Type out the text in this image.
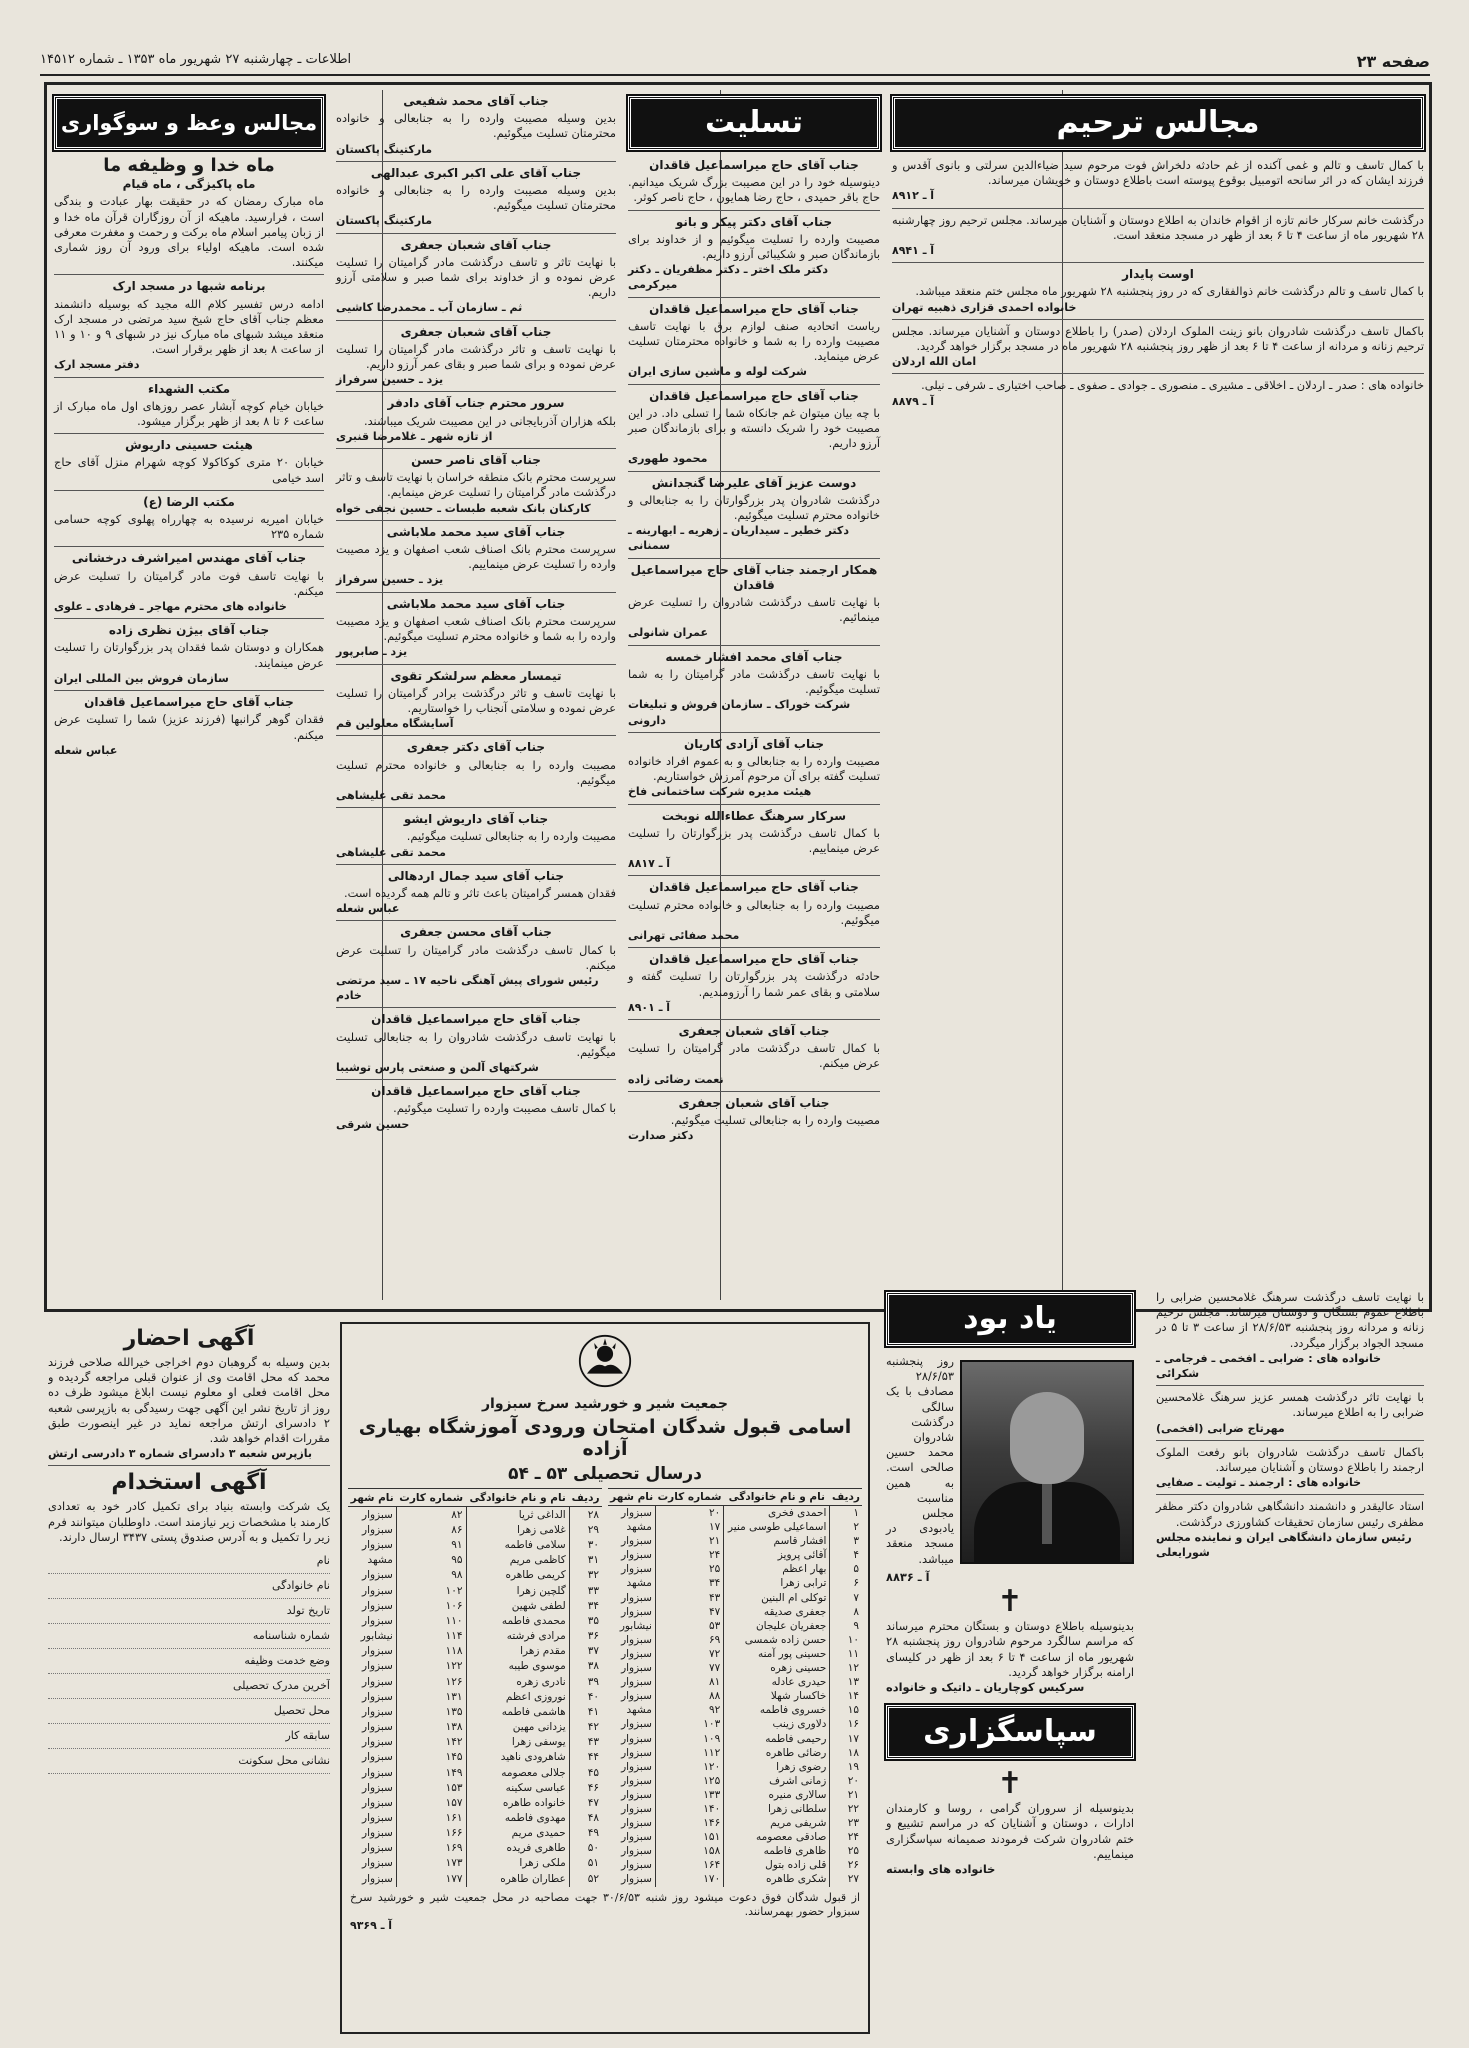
صفحه ۲۳
اطلاعات ـ چهارشنبه ۲۷ شهریور ماه ۱۳۵۳ ـ شماره ۱۴۵۱۲
مجالس ترحیم
با کمال تاسف و تالم و غمی آکنده از غم حادثه دلخراش فوت مرحوم سید ضیاءالدین سرلتی و بانوی آقدس و فرزند ایشان که در اثر سانحه اتومبیل بوقوع پیوسته است باطلاع دوستان و خویشان میرساند.
آ ـ ۸۹۱۲
درگذشت خانم سرکار خانم تازه از اقوام خاندان به اطلاع دوستان و آشنایان میرساند. مجلس ترحیم روز چهارشنبه ۲۸ شهریور ماه از ساعت ۴ تا ۶ بعد از ظهر در مسجد منعقد است.
آ ـ ۸۹۴۱
اوست پایدار
با کمال تاسف و تالم درگذشت خانم ذوالفقاری که در روز پنجشنبه ۲۸ شهریور ماه مجلس ختم منعقد میباشد.
خانواده احمدی قزاری ذهبیه تهران
باکمال تاسف درگذشت شادروان بانو زینت الملوک اردلان (صدر) را باطلاع دوستان و آشنایان میرساند. مجلس ترحیم زنانه و مردانه از ساعت ۴ تا ۶ بعد از ظهر روز پنجشنبه ۲۸ شهریور ماه در مسجد برگزار خواهد گردید.
امان الله اردلان
خانواده های : صدر ـ اردلان ـ اخلاقی ـ مشیری ـ منصوری ـ جوادی ـ صفوی ـ صاحب اختیاری ـ شرفی ـ نیلی.
آ ـ ۸۸۷۹
تسلیت
جناب آقای حاج میراسماعیل قاقدان
دینوسیله خود را در این مصیبت بزرگ شریک میدانیم. حاج باقر حمیدی ، حاج رضا همایون ، حاج ناصر کوثر.
جناب آقای دکتر پیکر و بانو
مصیبت وارده را تسلیت میگوئیم و از خداوند برای بازماندگان صبر و شکیبائی آرزو داریم.
دکتر ملک اختر ـ دکتر مظفریان ـ دکتر میرکرمی
جناب آقای حاج میراسماعیل قاقدان
ریاست اتحادیه صنف لوازم برق با نهایت تاسف مصیبت وارده را به شما و خانواده محترمتان تسلیت عرض مینماید.
شرکت لوله و ماشین سازی ایران
جناب آقای حاج میراسماعیل قاقدان
با چه بیان میتوان غم جانکاه شما را تسلی داد. در این مصیبت خود را شریک دانسته و برای بازماندگان صبر آرزو داریم.
محمود طهوری
دوست عزیز آقای علیرضا گنجدانش
درگذشت شادروان پدر بزرگوارتان را به جنابعالی و خانواده محترم تسلیت میگوئیم.
دکتر خطیر ـ سیداریان ـ زهریه ـ ابهارینه ـ سمنانی
همکار ارجمند جناب آقای حاج میراسماعیل قاقدان
با نهایت تاسف درگذشت شادروان را تسلیت عرض مینمائیم.
عمران شانولی
جناب آقای محمد افشار خمسه
با نهایت تاسف درگذشت مادر گرامیتان را به شما تسلیت میگوئیم.
شرکت خوراک ـ سازمان فروش و تبلیغات دارونی
جناب آقای آزادی کاریان
مصیبت وارده را به جنابعالی و به عموم افراد خانواده تسلیت گفته برای آن مرحوم آمرزش خواستاریم.
هیئت مدیره شرکت ساختمانی فاخ
سرکار سرهنگ عطاءالله نوبخت
با کمال تاسف درگذشت پدر بزرگوارتان را تسلیت عرض مینماییم.
آ ـ ۸۸۱۷
جناب آقای حاج میراسماعیل قاقدان
مصیبت وارده را به جنابعالی و خانواده محترم تسلیت میگوئیم.
محمد صفائی تهرانی
جناب آقای حاج میراسماعیل قاقدان
حادثه درگذشت پدر بزرگوارتان را تسلیت گفته و سلامتی و بقای عمر شما را آرزومندیم.
آ ـ ۸۹۰۱
جناب آقای شعبان جعفری
با کمال تاسف درگذشت مادر گرامیتان را تسلیت عرض میکنم.
نعمت رضائی زاده
جناب آقای شعبان جعفری
مصیبت وارده را به جنابعالی تسلیت میگوئیم.
دکتر صدارت
جناب آقای محمد شفیعی
بدین وسیله مصیبت وارده را به جنابعالی و خانواده محترمتان تسلیت میگوئیم.
مارکتینگ پاکستان
جناب آقای علی اکبر اکبری عبدالهی
بدین وسیله مصیبت وارده را به جنابعالی و خانواده محترمتان تسلیت میگوئیم.
مارکتینگ پاکستان
جناب آقای شعبان جعفری
با نهایت تاثر و تاسف درگذشت مادر گرامیتان را تسلیت عرض نموده و از خداوند برای شما صبر و سلامتی آرزو داریم.
ثم ـ سازمان آب ـ محمدرضا کاشیی
جناب آقای شعبان جعفری
با نهایت تاسف و تاثر درگذشت مادر گرامیتان را تسلیت عرض نموده و برای شما صبر و بقای عمر آرزو داریم.
یزد ـ حسین سرفراز
سرور محترم جناب آقای دادفر
بلکه هزاران آذربایجانی در این مصیبت شریک میباشند.
از تازه شهر ـ غلامرضا قنبری
جناب آقای ناصر حسن
سرپرست محترم بانک منطقه خراسان با نهایت تاسف و تاثر درگذشت مادر گرامیتان را تسلیت عرض مینمایم.
کارکنان بانک شعبه طبسات ـ حسین نجفی خواه
جناب آقای سید محمد ملاباشی
سرپرست محترم بانک اصناف شعب اصفهان و یزد مصیبت وارده را تسلیت عرض مینماییم.
یزد ـ حسین سرفراز
جناب آقای سید محمد ملاباشی
سرپرست محترم بانک اصناف شعب اصفهان و یزد مصیبت وارده را به شما و خانواده محترم تسلیت میگوئیم.
یزد ـ صابرپور
تیمسار معظم سرلشکر تقوی
با نهایت تاسف و تاثر درگذشت برادر گرامیتان را تسلیت عرض نموده و سلامتی آنجناب را خواستاریم.
آسایشگاه معلولین قم
جناب آقای دکتر جعفری
مصیبت وارده را به جنابعالی و خانواده محترم تسلیت میگوئیم.
محمد تقی علیشاهی
جناب آقای داریوش ایشو
مصیبت وارده را به جنابعالی تسلیت میگوئیم.
محمد تقی علیشاهی
جناب آقای سید جمال اردهالی
فقدان همسر گرامیتان باعث تاثر و تالم همه گردیده است.
عباس شعله
جناب آقای محسن جعفری
با کمال تاسف درگذشت مادر گرامیتان را تسلیت عرض میکنم.
رئیس شورای پیش آهنگی ناحیه ۱۷ ـ سید مرتضی خادم
جناب آقای حاج میراسماعیل قاقدان
با نهایت تاسف درگذشت شادروان را به جنابعالی تسلیت میگوئیم.
شرکتهای آلمن و صنعتی پارس توشیبا
جناب آقای حاج میراسماعیل قاقدان
با کمال تاسف مصیبت وارده را تسلیت میگوئیم.
حسین شرقی
مجالس وعظ و سوگواری
ماه خدا و وظیفه ما
ماه پاکیزگی ، ماه قیام
ماه مبارک رمضان که در حقیقت بهار عبادت و بندگی است ، فرارسید. ماهیکه از آن روزگاران قرآن ماه خدا و از زبان پیامبر اسلام ماه برکت و رحمت و مغفرت معرفی شده است. ماهیکه اولیاء برای ورود آن روز شماری میکنند.
برنامه شبها در مسجد ارک
ادامه درس تفسیر کلام الله مجید که بوسیله دانشمند معظم جناب آقای حاج شیخ سید مرتضی در مسجد ارک منعقد میشد شبهای ماه مبارک نیز در شبهای ۹ و ۱۰ و ۱۱ از ساعت ۸ بعد از ظهر برقرار است.
دفتر مسجد ارک
مکتب الشهداء
خیابان خیام کوچه آبشار عصر روزهای اول ماه مبارک از ساعت ۶ تا ۸ بعد از ظهر برگزار میشود.
هیئت حسینی داریوش
خیابان ۲۰ متری کوکاکولا کوچه شهرام منزل آقای حاج اسد خیامی
مکتب الرضا (ع)
خیابان امیریه نرسیده به چهارراه پهلوی کوچه حسامی شماره ۲۳۵
جناب آقای مهندس امیراشرف درخشانی
با نهایت تاسف فوت مادر گرامیتان را تسلیت عرض میکنم.
خانواده های محترم مهاجر ـ فرهادی ـ علوی
جناب آقای بیژن نظری زاده
همکاران و دوستان شما فقدان پدر بزرگوارتان را تسلیت عرض مینمایند.
سازمان فروش بین المللی ایران
جناب آقای حاج میراسماعیل قاقدان
فقدان گوهر گرانبها (فرزند عزیز) شما را تسلیت عرض میکنم.
عباس شعله
آگهی احضار
بدین وسیله به گروهبان دوم اخراجی خیرالله صلاحی فرزند محمد که محل اقامت وی از عنوان قبلی مراجعه گردیده و محل اقامت فعلی او معلوم نیست ابلاغ میشود ظرف ده روز از تاریخ نشر این آگهی جهت رسیدگی به بازپرسی شعبه ۲ دادسرای ارتش مراجعه نماید در غیر اینصورت طبق مقررات اقدام خواهد شد.
بازپرس شعبه ۳ دادسرای شماره ۳ دادرسی ارتش
آگهی استخدام
یک شرکت وابسته بنیاد برای تکمیل کادر خود به تعدادی کارمند با مشخصات زیر نیازمند است. داوطلبان میتوانند فرم زیر را تکمیل و به آدرس صندوق پستی ۳۴۳۷ ارسال دارند.
نام
نام خانوادگی
تاریخ تولد
شماره شناسنامه
وضع خدمت وظیفه
آخرین مدرک تحصیلی
محل تحصیل
سابقه کار
نشانی محل سکونت
جمعیت شیر و خورشید سرخ سبزوار
اسامی قبول شدگان امتحان ورودی آموزشگاه بهیاری آزاده
درسال تحصیلی ۵۳ ـ ۵۴
ردیف	نام و نام خانوادگی	شماره کارت	نام شهر
۱	احمدی فخری	۲۰	سبزوار
۲	اسماعیلی طوسی منیر	۱۷	مشهد
۳	افشار قاسم	۲۱	سبزوار
۴	آقائی پرویز	۲۴	سبزوار
۵	بهار اعظم	۲۵	سبزوار
۶	ترابی زهرا	۳۴	مشهد
۷	توکلی ام البنین	۴۳	سبزوار
۸	جعفری صدیقه	۴۷	سبزوار
۹	جعفریان علیجان	۵۳	نیشابور
۱۰	حسن زاده شمسی	۶۹	سبزوار
۱۱	حسینی پور آمنه	۷۲	سبزوار
۱۲	حسینی زهره	۷۷	سبزوار
۱۳	حیدری عادله	۸۱	سبزوار
۱۴	خاکسار شهلا	۸۸	سبزوار
۱۵	خسروی فاطمه	۹۲	مشهد
۱۶	دلاوری زینب	۱۰۳	سبزوار
۱۷	رحیمی فاطمه	۱۰۹	سبزوار
۱۸	رضائی طاهره	۱۱۲	سبزوار
۱۹	رضوی زهرا	۱۲۰	سبزوار
۲۰	زمانی اشرف	۱۲۵	سبزوار
۲۱	سالاری منیره	۱۳۳	سبزوار
۲۲	سلطانی زهرا	۱۴۰	سبزوار
۲۳	شریفی مریم	۱۴۶	سبزوار
۲۴	صادقی معصومه	۱۵۱	سبزوار
۲۵	ظاهری فاطمه	۱۵۸	سبزوار
۲۶	قلی زاده بتول	۱۶۴	سبزوار
۲۷	شکری طاهره	۱۷۰	سبزوار
ردیف	نام و نام خانوادگی	شماره کارت	نام شهر
۲۸	الداغی ثریا	۸۲	سبزوار
۲۹	غلامی زهرا	۸۶	سبزوار
۳۰	سلامی فاطمه	۹۱	سبزوار
۳۱	کاظمی مریم	۹۵	مشهد
۳۲	کریمی طاهره	۹۸	سبزوار
۳۳	گلچین زهرا	۱۰۲	سبزوار
۳۴	لطفی شهین	۱۰۶	سبزوار
۳۵	محمدی فاطمه	۱۱۰	سبزوار
۳۶	مرادی فرشته	۱۱۴	نیشابور
۳۷	مقدم زهرا	۱۱۸	سبزوار
۳۸	موسوی طیبه	۱۲۲	سبزوار
۳۹	نادری زهره	۱۲۶	سبزوار
۴۰	نوروزی اعظم	۱۳۱	سبزوار
۴۱	هاشمی فاطمه	۱۳۵	سبزوار
۴۲	یزدانی مهین	۱۳۸	سبزوار
۴۳	یوسفی زهرا	۱۴۲	سبزوار
۴۴	شاهرودی ناهید	۱۴۵	سبزوار
۴۵	جلالی معصومه	۱۴۹	سبزوار
۴۶	عباسی سکینه	۱۵۳	سبزوار
۴۷	خانواده طاهره	۱۵۷	سبزوار
۴۸	مهدوی فاطمه	۱۶۱	سبزوار
۴۹	حمیدی مریم	۱۶۶	سبزوار
۵۰	طاهری فریده	۱۶۹	سبزوار
۵۱	ملکی زهرا	۱۷۳	سبزوار
۵۲	عطاران طاهره	۱۷۷	سبزوار
از قبول شدگان فوق دعوت میشود روز شنبه ۳۰/۶/۵۳ جهت مصاحبه در محل جمعیت شیر و خورشید سرخ سبزوار حضور بهمرسانند.
آ ـ ۹۳۶۹
یاد بود
روز پنجشنبه ۲۸/۶/۵۳ مصادف با یک سالگی درگذشت شادروان محمد حسین صالحی است. به همین مناسبت مجلس یادبودی در مسجد منعقد میباشد.
آ ـ ۸۸۳۶
✝
بدینوسیله باطلاع دوستان و بستگان محترم میرساند که مراسم سالگرد مرحوم شادروان روز پنجشنبه ۲۸ شهریور ماه از ساعت ۴ تا ۶ بعد از ظهر در کلیسای ارامنه برگزار خواهد گردید.
سرکیس کوچاریان ـ داتیک و خانواده
سپاسگزاری
✝
بدینوسیله از سروران گرامی ، روسا و کارمندان ادارات ، دوستان و آشنایان که در مراسم تشییع و ختم شادروان شرکت فرمودند صمیمانه سپاسگزاری مینماییم.
خانواده های وابسته
با نهایت تاسف درگذشت سرهنگ غلامحسین ضرابی را باطلاع عموم بستگان و دوستان میرساند. مجلس ترحیم زنانه و مردانه روز پنجشنبه ۲۸/۶/۵۳ از ساعت ۳ تا ۵ در مسجد الجواد برگزار میگردد.
خانواده های : ضرابی ـ افخمی ـ فرجامی ـ شکرائی
با نهایت تاثر درگذشت همسر عزیز سرهنگ غلامحسین ضرابی را به اطلاع میرساند.
مهرتاج ضرابی (افخمی)
باکمال تاسف درگذشت شادروان بانو رفعت الملوک ارجمند را باطلاع دوستان و آشنایان میرساند.
خانواده های : ارجمند ـ تولیت ـ صفایی
استاد عالیقدر و دانشمند دانشگاهی شادروان دکتر مظفر مظفری رئیس سازمان تحقیقات کشاورزی درگذشت.
رئیس سازمان دانشگاهی ایران و نماینده مجلس شورایعلی
